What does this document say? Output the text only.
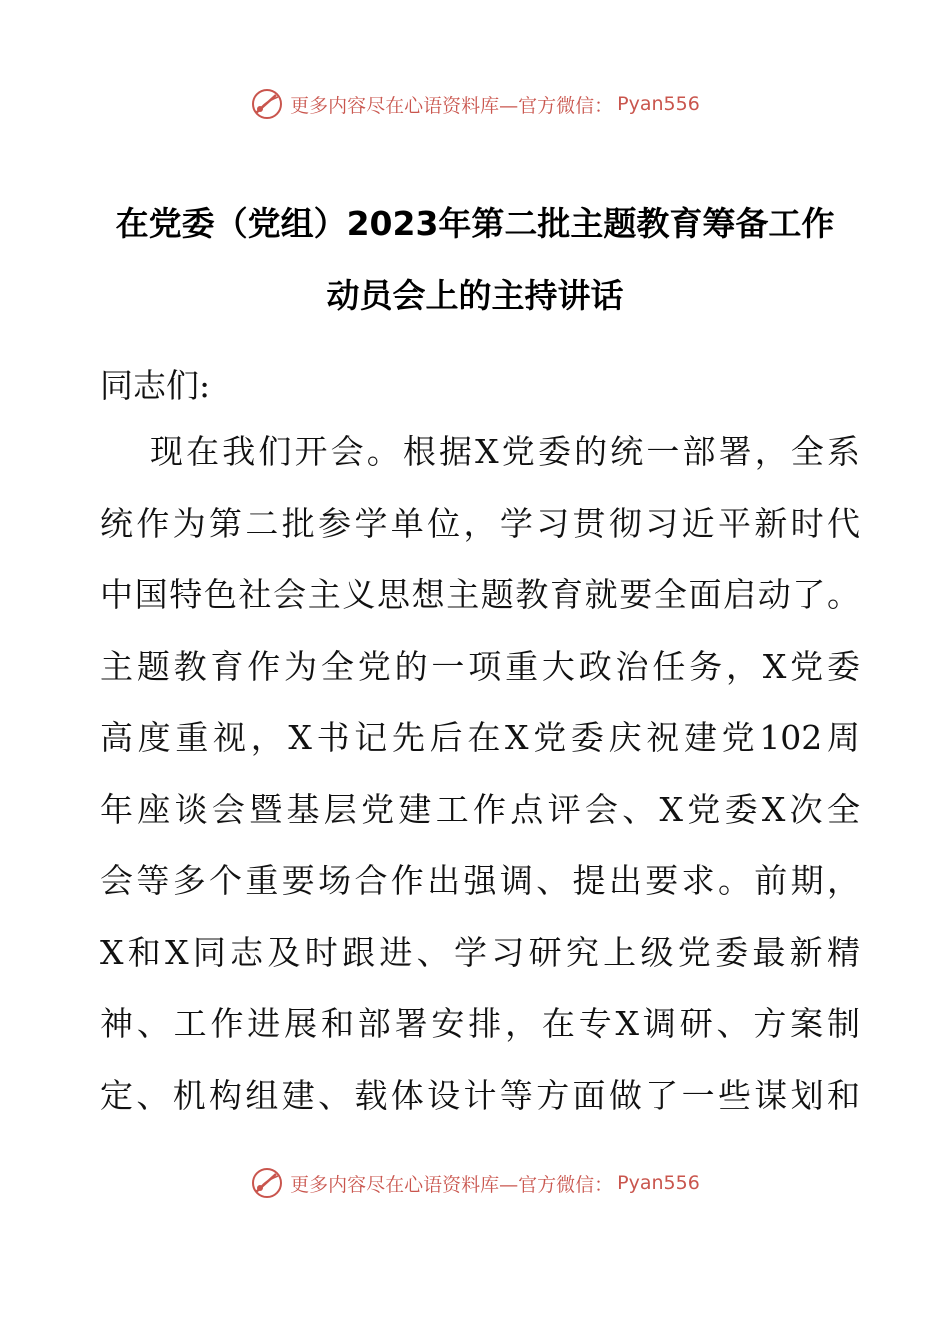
更多内容尽在心语资料库—官方微信： Pyan556
在党委（党组）2023年第二批主题教育筹备工作
动员会上的主持讲话
同志们:
现在我们开会。根据X党委的统一部署，全系
统作为第二批参学单位，学习贯彻习近平新时代
中国特色社会主义思想主题教育就要全面启动了。
主题教育作为全党的一项重大政治任务，X党委
高度重视，X书记先后在X党委庆祝建党102周
年座谈会暨基层党建工作点评会、X党委X次全
会等多个重要场合作出强调、提出要求。前期，
X和X同志及时跟进、学习研究上级党委最新精
神、工作进展和部署安排，在专X调研、方案制
定、机构组建、载体设计等方面做了一些谋划和
更多内容尽在心语资料库—官方微信： Pyan556
